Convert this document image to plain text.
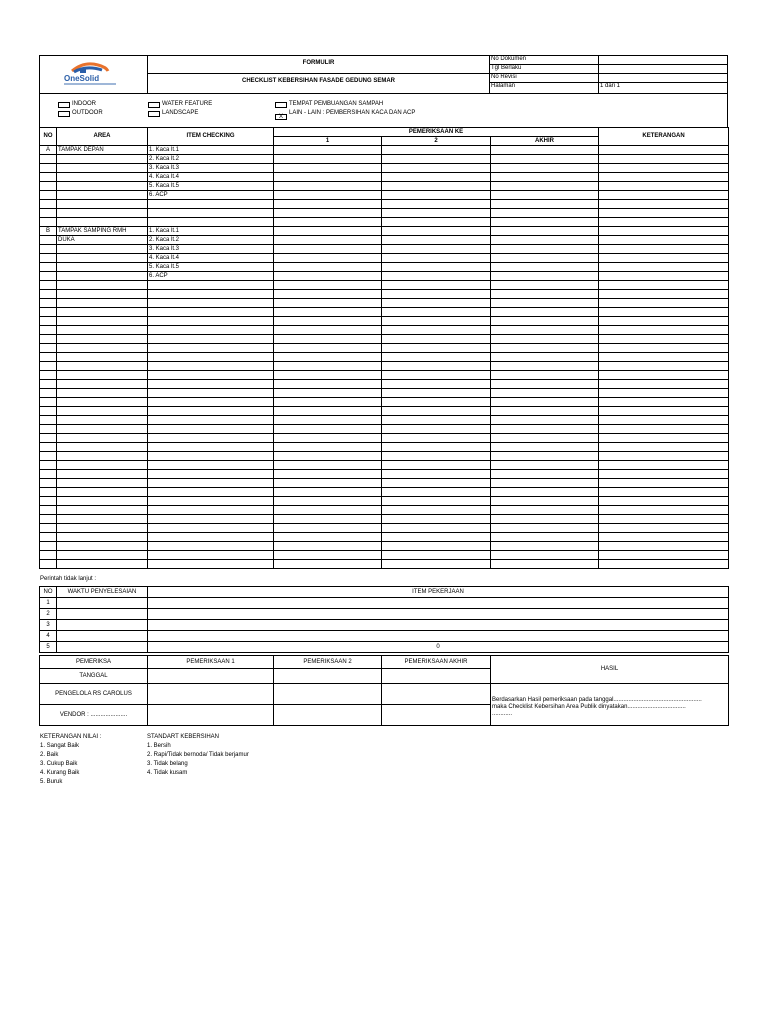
OneSolid
FORMULIR
CHECKLIST KEBERSIHAN FASADE GEDUNG SEMAR
No Dokumen
Tgl Berlaku
No Revisi
Halaman	1 dari 1
INDOOR
OUTDOOR
WATER FEATURE
LANDSCAPE
TEMPAT PEMBUANGAN SAMPAH
LAIN - LAIN : PEMBERSIHAN KACA DAN ACP
X
NO	AREA	ITEM CHECKING	PEMERIKSAAN KE			KETERANGAN
			1	2	AKHIR	
A	TAMPAK DEPAN	1. Kaca lt.1				
		2. Kaca lt.2				
		3. Kaca lt.3				
		4. Kaca lt.4				
		5. Kaca lt.5				
		6. ACP				

B	TAMPAK SAMPING RMH	1. Kaca lt.1				
	DUKA	2. Kaca lt.2				
		3. Kaca lt.3				
		4. Kaca lt.4				
		5. Kaca lt.5				
		6. ACP				

Perintah tidak lanjut :
NO	WAKTU PENYELESAIAN	ITEM PEKERJAAN
1		
2		
3		
4		
5		0
PEMERIKSA	PEMERIKSAAN 1	PEMERIKSAAN 2	PEMERIKSAAN AKHIR	HASIL
TANGGAL				
PENGELOLA RS CAROLUS				Berdasarkan Hasil pemeriksaan pada tanggal.....................................................
maka Checklist Kebersihan Area Publik dinyatakan...................................
............

VENDOR : ......................				
KETERANGAN NILAI :
1. Sangat Baik
2. Baik
3. Cukup Baik
4. Kurang Baik
5. Buruk
STANDART KEBERSIHAN
1. Bersih
2. Rapi/Tidak bernoda/ Tidak berjamur
3. Tidak belang
4. Tidak kusam
